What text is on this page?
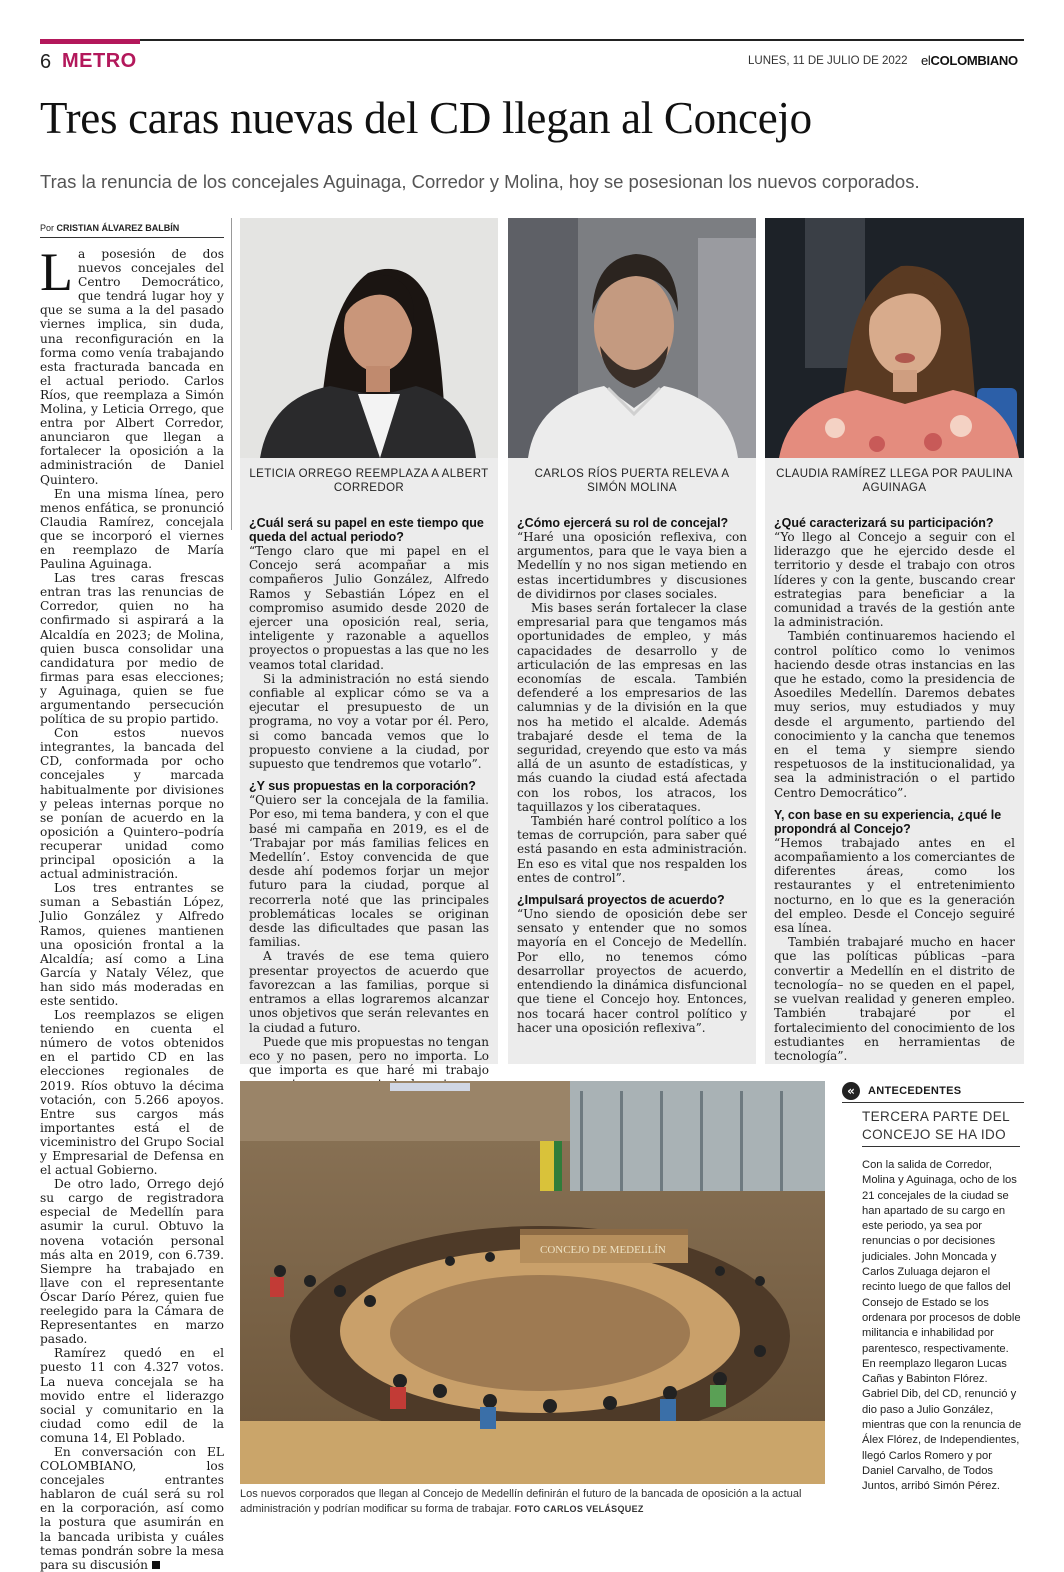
6 METRO	LUNES, 11 DE JULIO DE 2022 elCOLOMBIANO
Tres caras nuevas del CD llegan al Concejo
Tras la renuncia de los concejales Aguinaga, Corredor y Molina, hoy se posesionan los nuevos corporados.
Por CRISTIAN ÁLVAREZ BALBÍN

La posesión de dos nuevos concejales del Centro Democrático, que tendrá lugar hoy y que se suma a la del pasado viernes implica, sin duda, una reconfiguración en la forma como venía trabajando esta fracturada bancada en el actual periodo. Carlos Ríos, que reemplaza a Simón Molina, y Leticia Orrego, que entra por Albert Corredor, anunciaron que llegan a fortalecer la oposición a la administración de Daniel Quintero.

En una misma línea, pero menos enfática, se pronunció Claudia Ramírez, concejala que se incorporó el viernes en reemplazo de María Paulina Aguinaga.

Las tres caras frescas entran tras las renuncias de Corredor, quien no ha confirmado si aspirará a la Alcaldía en 2023; de Molina, quien busca consolidar una candidatura por medio de firmas para esas elecciones; y Aguinaga, quien se fue argumentando persecución política de su propio partido.

Con estos nuevos integrantes, la bancada del CD, conformada por ocho concejales y marcada habitualmente por divisiones y peleas internas porque no se ponían de acuerdo en la oposición a Quintero–podría recuperar unidad como principal oposición a la actual administración.

Los tres entrantes se suman a Sebastián López, Julio González y Alfredo Ramos, quienes mantienen una oposición frontal a la Alcaldía; así como a Lina García y Nataly Vélez, que han sido más moderadas en este sentido.

Los reemplazos se eligen teniendo en cuenta el número de votos obtenidos en el partido CD en las elecciones regionales de 2019. Ríos obtuvo la décima votación, con 5.266 apoyos. Entre sus cargos más importantes está el de viceministro del Grupo Social y Empresarial de Defensa en el actual Gobierno.

De otro lado, Orrego dejó su cargo de registradora especial de Medellín para asumir la curul. Obtuvo la novena votación personal más alta en 2019, con 6.739. Siempre ha trabajado en llave con el representante Óscar Darío Pérez, quien fue reelegido para la Cámara de Representantes en marzo pasado.

Ramírez quedó en el puesto 11 con 4.327 votos. La nueva concejala se ha movido entre el liderazgo social y comunitario en la ciudad como edil de la comuna 14, El Poblado.

En conversación con EL COLOMBIANO, los concejales entrantes hablaron de cuál será su rol en la corporación, así como la postura que asumirán en la bancada uribista y cuáles temas pondrán sobre la mesa para su discusión

LETICIA ORREGO REEMPLAZA A ALBERT CORREDOR
¿Cuál será su papel en este tiempo que queda del actual periodo?

“Tengo claro que mi papel en el Concejo será acompañar a mis compañeros Julio González, Alfredo Ramos y Sebastián López en el compromiso asumido desde 2020 de ejercer una oposición real, seria, inteligente y razonable a aquellos proyectos o propuestas a las que no les veamos total claridad.

Si la administración no está siendo confiable al explicar cómo se va a ejecutar el presupuesto de un programa, no voy a votar por él. Pero, si como bancada vemos que lo propuesto conviene a la ciudad, por supuesto que tendremos que votarlo”.

¿Y sus propuestas en la corporación?

“Quiero ser la concejala de la familia. Por eso, mi tema bandera, y con el que basé mi campaña en 2019, es el de ‘Trabajar por más familias felices en Medellín’. Estoy convencida de que desde ahí podemos forjar un mejor futuro para la ciudad, porque al recorrerla noté que las principales problemáticas locales se originan desde las dificultades que pasan las familias.

A través de ese tema quiero presentar proyectos de acuerdo que favorezcan a las familias, porque si entramos a ellas lograremos alcanzar unos objetivos que serán relevantes en la ciudad a futuro.

Puede que mis propuestas no tengan eco y no pasen, pero no importa. Lo que importa es que haré mi trabajo

CARLOS RÍOS PUERTA RELEVA A SIMÓN MOLINA
¿Cómo ejercerá su rol de concejal?

“Haré una oposición reflexiva, con argumentos, para que le vaya bien a Medellín y no nos sigan metiendo en estas incertidumbres y discusiones de dividirnos por clases sociales.

Mis bases serán fortalecer la clase empresarial para que tengamos más oportunidades de empleo, y más capacidades de desarrollo y de articulación de las empresas en las economías de escala. También defenderé a los empresarios de las calumnias y de la división en la que nos ha metido el alcalde. Además trabajaré desde el tema de la seguridad, creyendo que esto va más allá de un asunto de estadísticas, y más cuando la ciudad está afectada con los robos, los atracos, los taquillazos y los ciberataques.

También haré control político a los temas de corrupción, para saber qué está pasando en esta administración. En eso es vital que nos respalden los entes de control”.

¿Impulsará proyectos de acuerdo?

“Uno siendo de oposición debe ser sensato y entender que no somos mayoría en el Concejo de Medellín. Por ello, no tenemos cómo desarrollar proyectos de acuerdo, entendiendo la dinámica disfuncional que tiene el Concejo hoy. Entonces, nos tocará hacer control político y hacer una oposición reflexiva”.

CLAUDIA RAMÍREZ LLEGA POR PAULINA AGUINAGA
¿Qué caracterizará su participación?

“Yo llego al Concejo a seguir con el liderazgo que he ejercido desde el territorio y desde el trabajo con otros líderes y con la gente, buscando crear estrategias para beneficiar a la comunidad a través de la gestión ante la administración.

También continuaremos haciendo el control político como lo venimos haciendo desde otras instancias en las que he estado, como la presidencia de Asoediles Medellín. Daremos debates muy serios, muy estudiados y muy desde el argumento, partiendo del conocimiento y la cancha que tenemos en el tema y siempre siendo respetuosos de la institucionalidad, ya sea la administración o el partido Centro Democrático”.

Y, con base en su experiencia, ¿qué le propondrá al Concejo?

“Hemos trabajado antes en el acompañamiento a los comerciantes de diferentes áreas, como los restaurantes y el entretenimiento nocturno, en lo que es la generación del empleo. Desde el Concejo seguiré esa línea.

También trabajaré mucho en hacer que las políticas públicas –para convertir a Medellín en el distrito de tecnología– no se queden en el papel, se vuelvan realidad y generen empleo. También trabajaré por el fortalecimiento del conocimiento de los estudiantes en herramientas de tecnología”.

CONCEJO DE MEDELLÍN
Los nuevos corporados que llegan al Concejo de Medellín definirán el futuro de la bancada de oposición a la actual administración y podrían modificar su forma de trabajar. FOTO CARLOS VELÁSQUEZ
«	ANTECEDENTES
TERCERA PARTE DEL CONCEJO SE HA IDO
Con la salida de Corredor, Molina y Aguinaga, ocho de los 21 concejales de la ciudad se han apartado de su cargo en este periodo, ya sea por renuncias o por decisiones judiciales. John Moncada y Carlos Zuluaga dejaron el recinto luego de que fallos del Consejo de Estado se los ordenara por procesos de doble militancia e inhabilidad por parentesco, respectivamente. En reemplazo llegaron Lucas Cañas y Babinton Flórez. Gabriel Dib, del CD, renunció y dio paso a Julio González, mientras que con la renuncia de Álex Flórez, de Independientes, llegó Carlos Romero y por Daniel Carvalho, de Todos Juntos, arribó Simón Pérez.
